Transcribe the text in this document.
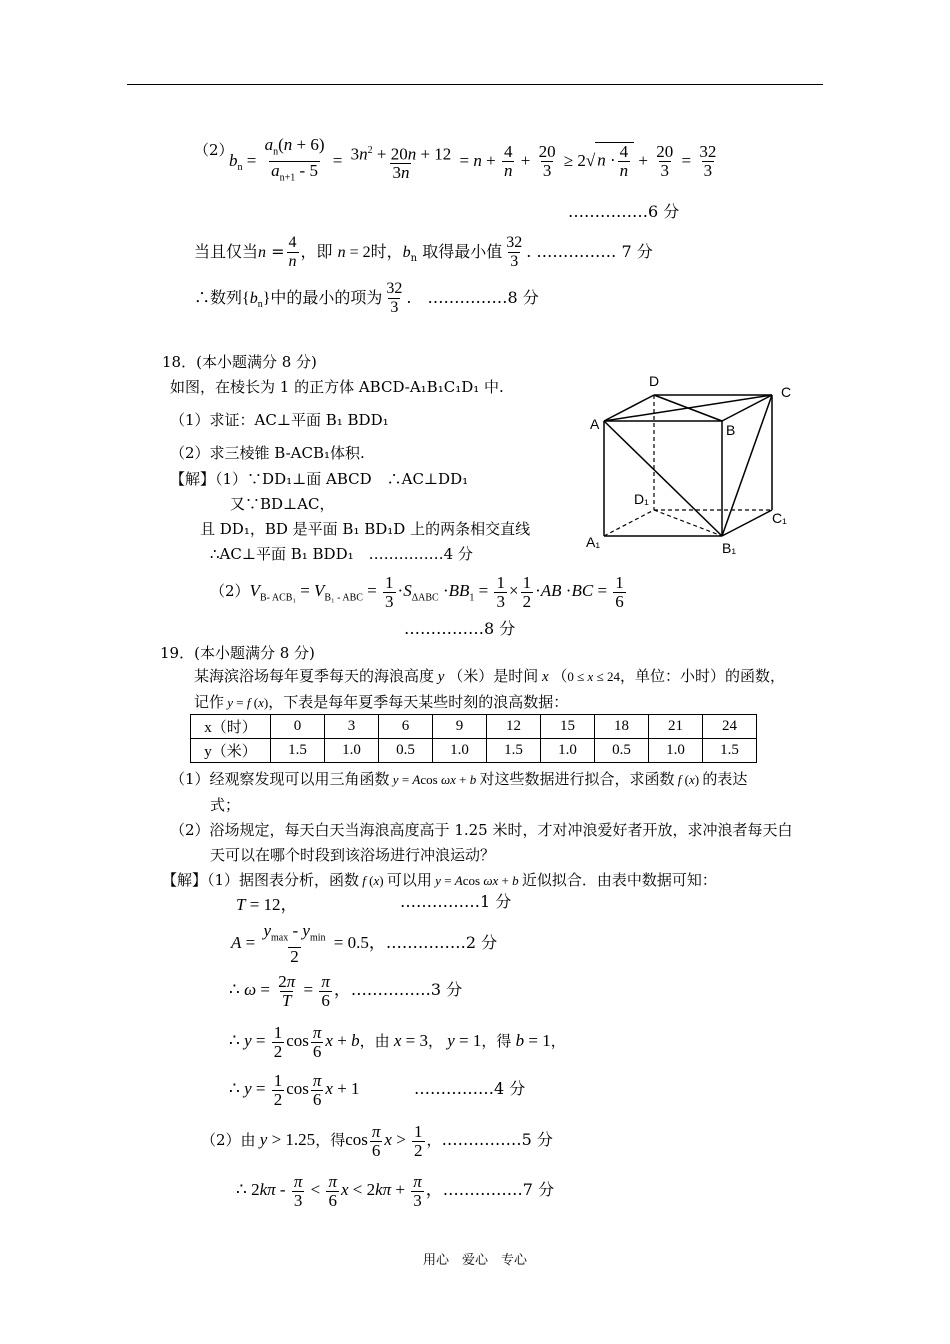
（2）
$b_n = \frac{a_n(n + 6)}{a_{n+1} - 5} = \frac{3n^2 + 20n + 12}{3n} = n + \frac{4}{n} + \frac{20}{3} \ge 2√$ $n \cdot \frac{4}{n} + \frac{20}{3} = \frac{32}{3}$
……………6 分
当且仅当$n = \frac{4}{n}$ ，即 n = 2时，$b_n$ 取得最小值 $\frac{32}{3}$ . …………… 7 分
∴数列$\{b_n\}$中的最小的项为 $\frac{32}{3}$ .　……………8 分
18．(本小题满分 8 分)
如图，在棱长为 1 的正方体 ABCD-A₁B₁C₁D₁ 中.
（1）求证：AC⊥平面 B₁ BDD₁
（2）求三棱锥 B-ACB₁体积.
【解】（1）∵DD₁⊥面 ABCD　∴AC⊥DD₁
又∵BD⊥AC，
且 DD₁，BD 是平面 B₁ BD₁D 上的两条相交直线
∴AC⊥平面 B₁ BDD₁　……………4 分
$(2)V_{B- ACB_1} = V_{B_1 - ABC} = \frac{1}{3} \cdot S_{\Delta ABC} \cdot BB_1 = \frac{1}{3} \times \frac{1}{2} \cdot AB \cdot BC = \frac{1}{6}$
……………8 分
D
C
A	B
D₁
C₁
A₁	B₁
19．(本小题满分 8 分)
某海滨浴场每年夏季每天的海浪高度 y （米）是时间 x （0 ≤ x ≤ 24，单位：小时）的函数，
记作 y = f (x)，下表是每年夏季每天某些时刻的浪高数据：
x（时）	0	3	6	9	12	15	18	21	24
y（米）	1.5	1.0	0.5	1.0	1.5	1.0	0.5	1.0	1.5
（1）经观察发现可以用三角函数 y = Acos ωx + b 对这些数据进行拟合，求函数 f (x) 的表达
式；
（2）浴场规定，每天白天当海浪高度高于 1.25 米时，才对冲浪爱好者开放，求冲浪者每天白
天可以在哪个时段到该浴场进行冲浪运动？
【解】（1）据图表分析，函数 f (x) 可以用 y = Acos ωx + b 近似拟合．由表中数据可知：
T = 12，	……………1 分
$A = \frac{y_{max} - y_{min}}{2} = 0.5$，……………2 分
∴ $\omega = \frac{2\pi}{T} = \frac{\pi}{6}$ ，……………3 分
∴ $y = \frac{1}{2}$ $\cos \frac{\pi}{6}$ x + b，由 x = 3， y = 1，得 b = 1，
∴ $y = \frac{1}{2}$ $\cos \frac{\pi}{6}$ x + 1	……………4 分
（2）由 y > 1.25，得$\cos \frac{\pi}{6}$ $x > \frac{1}{2}$ ，……………5 分
∴ $2k\pi - \frac{\pi}{3} < \frac{\pi}{6}$ $x < 2k\pi + \frac{\pi}{3}$ ，……………7 分
用心　爱心　专心
